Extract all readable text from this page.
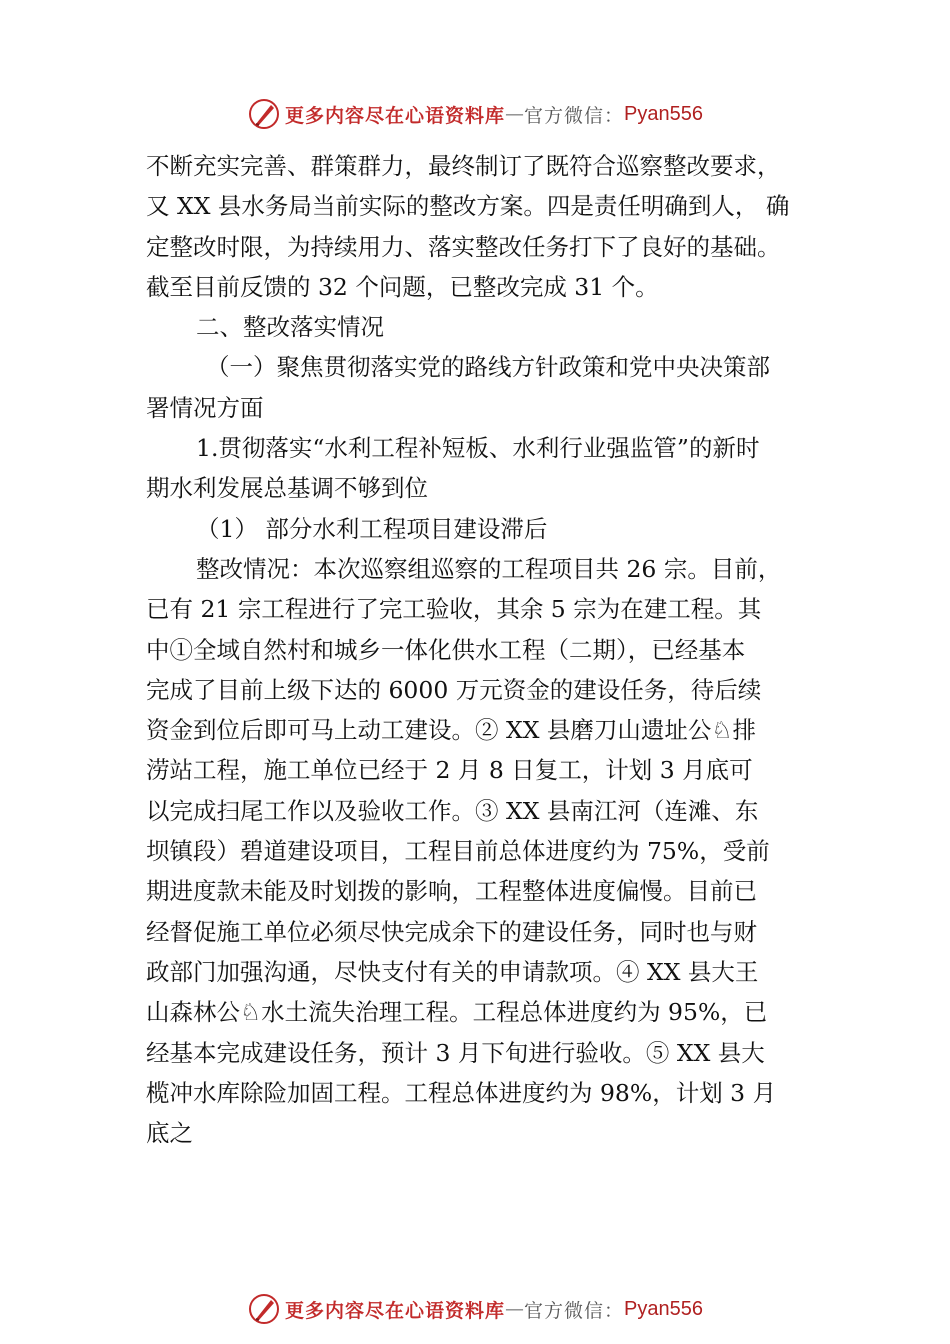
更多内容尽在心语资料库 — 官方微信： Pyan556

不断充实完善、群策群力，最终制订了既符合巡察整改要求，

又 XX 县水务局当前实际的整改方案。四是责任明确到人， 确

定整改时限，为持续用力、落实整改任务打下了良好的基础。

截至目前反馈的 32 个问题，已整改完成 31 个。

二、整改落实情况

（一）聚焦贯彻落实党的路线方针政策和党中央决策部

署情况方面

1.贯彻落实“水利工程补短板、水利行业强监管”的新时

期水利发展总基调不够到位

（1） 部分水利工程项目建设滞后

整改情况：本次巡察组巡察的工程项目共 26 宗。目前，

已有 21 宗工程进行了完工验收，其余 5 宗为在建工程。其

中①全域自然村和城乡一体化供水工程（二期），已经基本

完成了目前上级下达的 6000 万元资金的建设任务，待后续

资金到位后即可马上动工建设。② XX 县磨刀山遗址公♘排

涝站工程，施工单位已经于 2 月 8 日复工，计划 3 月底可

以完成扫尾工作以及验收工作。③ XX 县南江河（连滩、东

坝镇段）碧道建设项目，工程目前总体进度约为 75%，受前

期进度款未能及时划拨的影响，工程整体进度偏慢。目前已

经督促施工单位必须尽快完成余下的建设任务，同时也与财

政部门加强沟通，尽快支付有关的申请款项。④ XX 县大王

山森林公♘水土流失治理工程。工程总体进度约为 95%，已

经基本完成建设任务，预计 3 月下旬进行验收。⑤ XX 县大

榄冲水库除险加固工程。工程总体进度约为 98%，计划 3 月

底之

更多内容尽在心语资料库 — 官方微信： Pyan556
